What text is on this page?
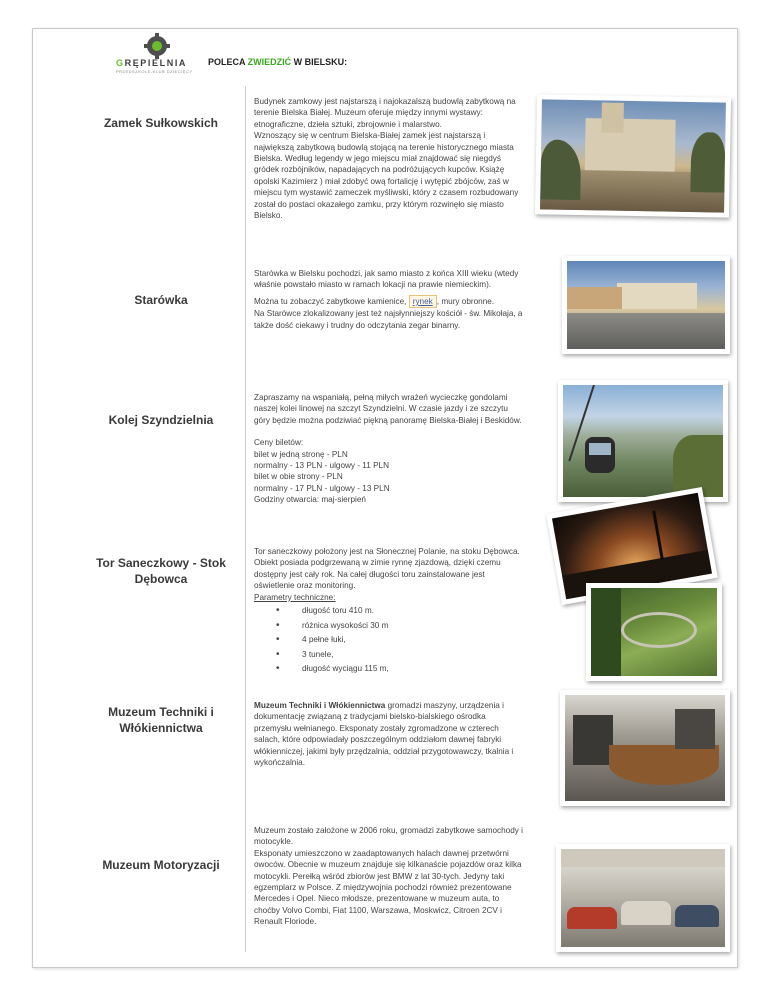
GRĘPIELNIA
PRZEDSZKOLE-KLUB DZIECIĘCY
POLECA ZWIEDZIĆ W BIELSKU:
Zamek Sułkowskich

Budynek zamkowy jest najstarszą i najokazalszą budowlą zabytkową na terenie Bielska Białej. Muzeum oferuje między innymi wystawy: etnograficzne, dzieła sztuki, zbrojownie i malarstwo.

Wznoszący się w centrum Bielska-Białej zamek jest najstarszą i największą zabytkową budowlą stojącą na terenie historycznego miasta Bielska. Według legendy w jego miejscu miał znajdować się niegdyś gródek rozbójników, napadających na podróżujących kupców. Książę opolski Kazimierz ) miał zdobyć ową fortalicję i wytępić zbójców, zaś w miejscu tym wystawić zameczek myśliwski, który z czasem rozbudowany został do postaci okazałego zamku, przy którym rozwinęło się miasto Bielsko.

Starówka

Starówka w Bielsku pochodzi, jak samo miasto z końca XIII wieku (wtedy właśnie powstało miasto w ramach lokacji na prawie niemieckim).

Można tu zobaczyć zabytkowe kamienice, rynek , mury obronne.

Na Starówce zlokalizowany jest też najsłynniejszy kościół - św. Mikołaja, a także dość ciekawy i trudny do odczytania zegar binarny.

Kolej Szyndzielnia

Zapraszamy na wspaniałą, pełną miłych wrażeń wycieczkę gondolami naszej kolei linowej na szczyt Szyndzielni. W czasie jazdy i ze szczytu góry będzie można podziwiać piękną panoramę Bielska-Białej i Beskidów.

Ceny biletów:

bilet w jedną stronę - PLN

normalny - 13 PLN - ulgowy - 11 PLN

bilet w obie strony - PLN

normalny - 17 PLN - ulgowy - 13 PLN

Godziny otwarcia: maj-sierpień

Tor Saneczkowy - Stok Dębowca

Tor saneczkowy położony jest na Słonecznej Polanie, na stoku Dębowca. Obiekt posiada podgrzewaną w zimie rynnę zjazdową, dzięki czemu dostępny jest cały rok. Na całej długości toru zainstalowane jest oświetlenie oraz monitoring.

Parametry techniczne:

• długość toru 410 m.
• różnica wysokości 30 m
• 4 pełne łuki,
• 3 tunele,
• długość wyciągu 115 m,
Muzeum Techniki i Włókiennictwa

Muzeum Techniki i Włókiennictwa gromadzi maszyny, urządzenia i dokumentację związaną z tradycjami bielsko-bialskiego ośrodka przemysłu wełnianego. Eksponaty zostały zgromadzone w czterech salach, które odpowiadały poszczególnym oddziałom dawnej fabryki włókienniczej, jakimi były przędzalnia, oddział przygotowawczy, tkalnia i wykończalnia.

Muzeum Motoryzacji

Muzeum zostało założone w 2006 roku, gromadzi zabytkowe samochody i motocykle.

Eksponaty umieszczono w zaadaptowanych halach dawnej przetwórni owoców. Obecnie w muzeum znajduje się kilkanaście pojazdów oraz kilka motocykli. Perełką wśród zbiorów jest BMW z lat 30-tych. Jedyny taki egzemplarz w Polsce. Z międzywojnia pochodzi również prezentowane Mercedes i Opel. Nieco młodsze, prezentowane w muzeum auta, to choćby Volvo Combi, Fiat 1100, Warszawa, Moskwicz, Citroen 2CV i Renault Floriode.
